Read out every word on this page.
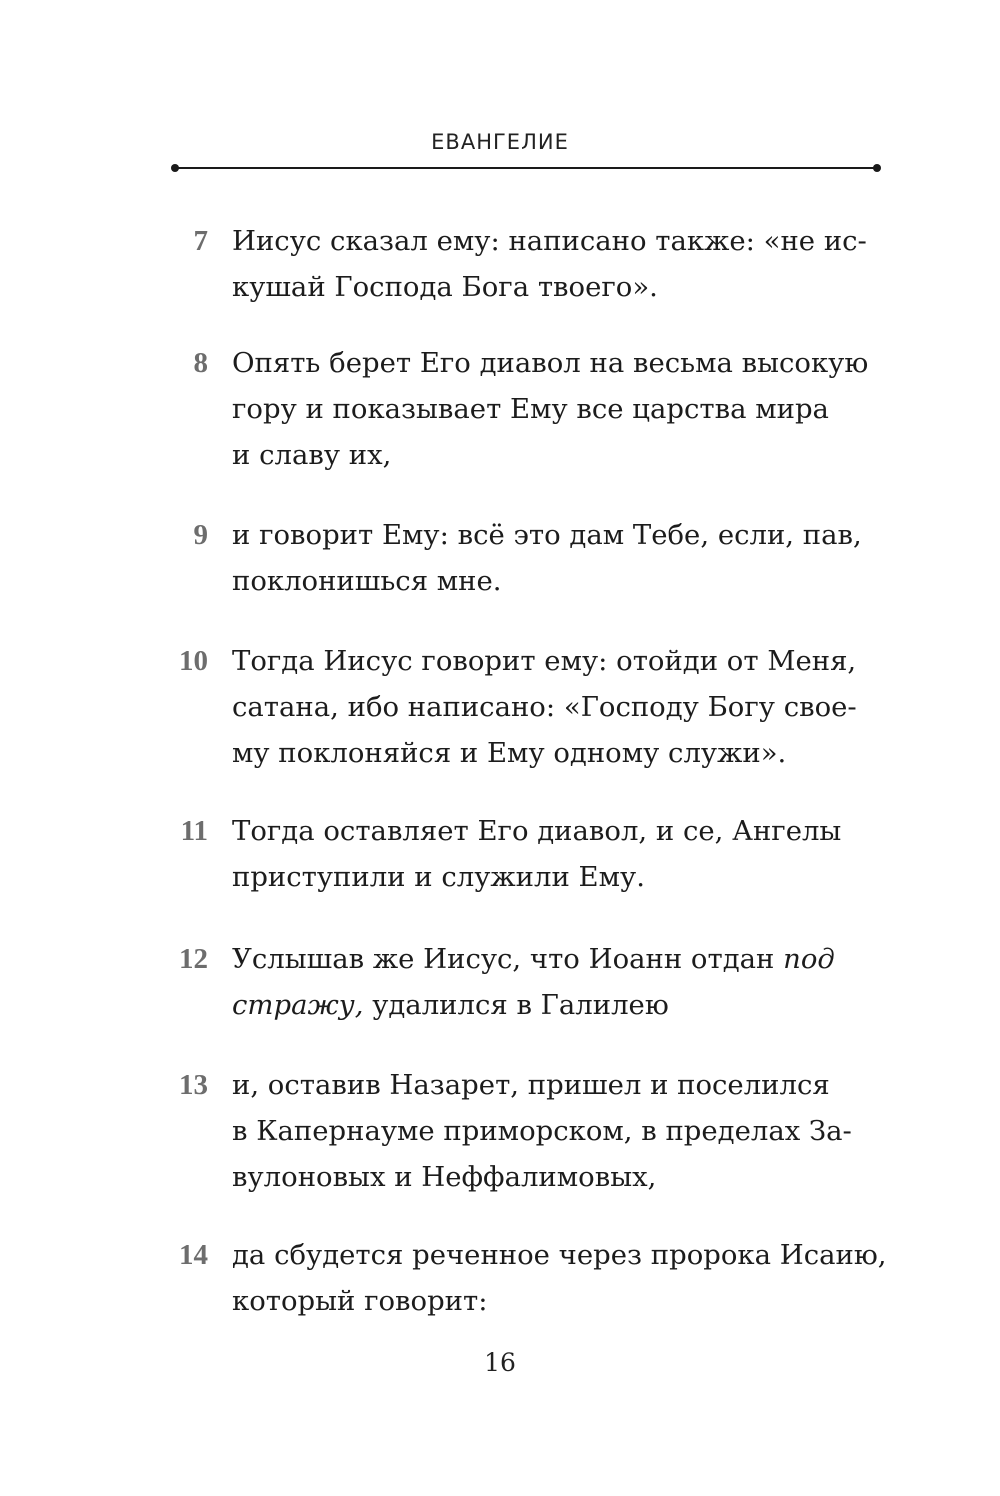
ЕВАНГЕЛИЕ
7 Иисус сказал ему: написано также: «не ис-
кушай Господа Бога твоего».
8 Опять берет Его диавол на весьма высокую
гору и показывает Ему все царства мира
и славу их,
9 и говорит Ему: всё это дам Тебе, если, пав,
поклонишься мне.
10 Тогда Иисус говорит ему: отойди от Меня,
сатана, ибо написано: «Господу Богу свое-
му поклоняйся и Ему одному служи».
11 Тогда оставляет Его диавол, и се, Ангелы
приступили и служили Ему.
12 Услышав же Иисус, что Иоанн отдан под
стражу, удалился в Галилею
13 и, оставив Назарет, пришел и поселился
в Капернауме приморском, в пределах За-
вулоновых и Неффалимовых,
14 да сбудется реченное через пророка Исаию,
который говорит:
16
